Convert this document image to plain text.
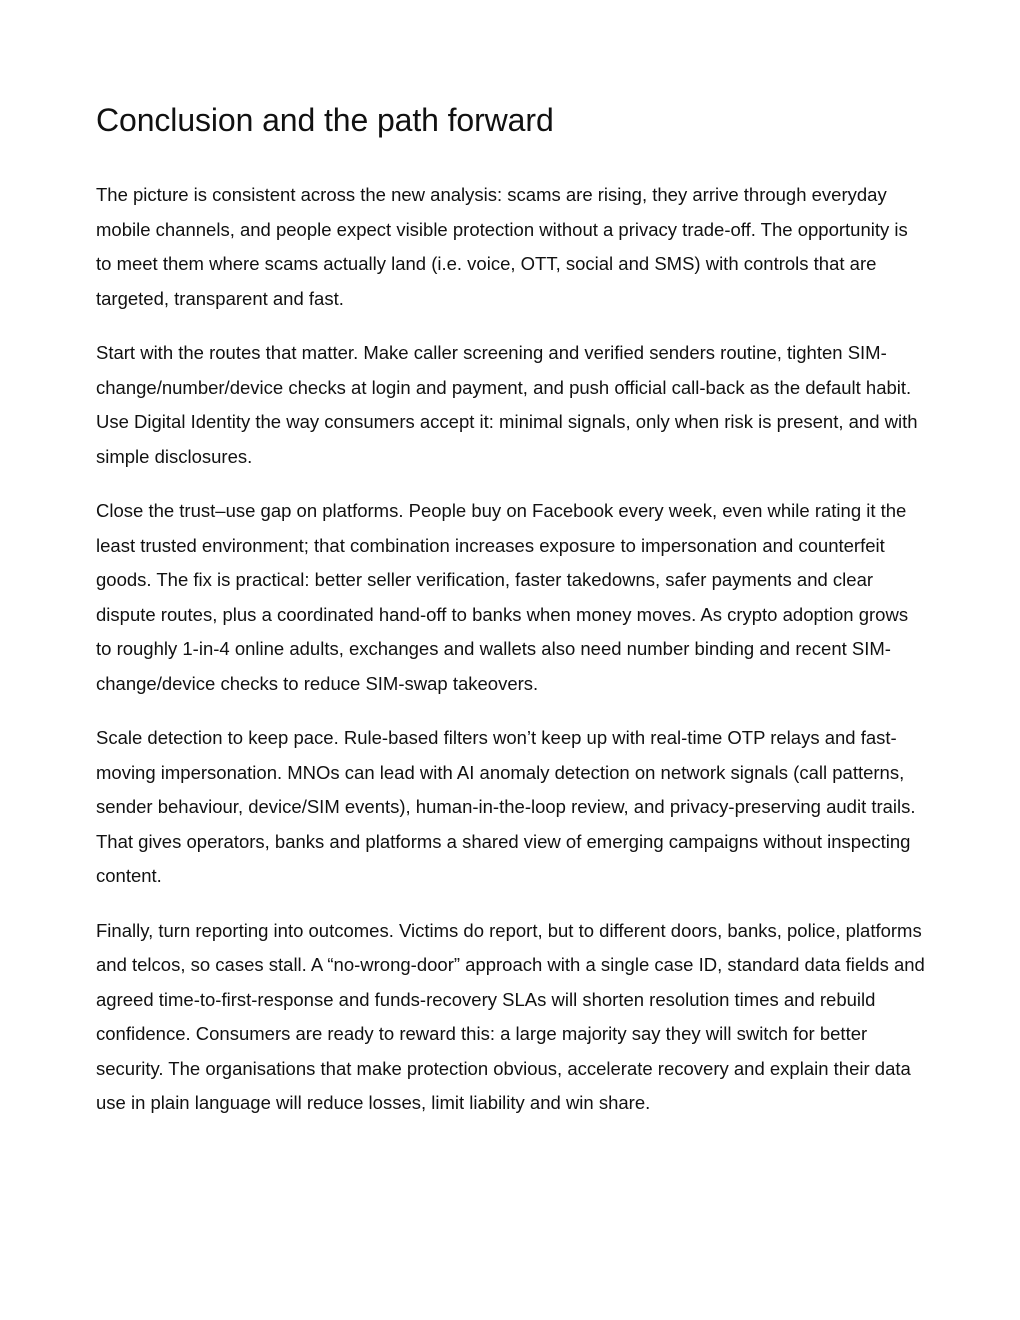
Conclusion and the path forward

The picture is consistent across the new analysis: scams are rising, they arrive through everyday mobile channels, and people expect visible protection without a privacy trade-off. The opportunity is to meet them where scams actually land (i.e. voice, OTT, social and SMS) with controls that are targeted, transparent and fast.

Start with the routes that matter. Make caller screening and verified senders routine, tighten SIM-change/number/device checks at login and payment, and push official call-back as the default habit. Use Digital Identity the way consumers accept it: minimal signals, only when risk is present, and with simple disclosures.

Close the trust–use gap on platforms. People buy on Facebook every week, even while rating it the least trusted environment; that combination increases exposure to impersonation and counterfeit goods. The fix is practical: better seller verification, faster takedowns, safer payments and clear dispute routes, plus a coordinated hand-off to banks when money moves. As crypto adoption grows to roughly 1-in-4 online adults, exchanges and wallets also need number binding and recent SIM-change/device checks to reduce SIM-swap takeovers.

Scale detection to keep pace. Rule-based filters won’t keep up with real-time OTP relays and fast-moving impersonation. MNOs can lead with AI anomaly detection on network signals (call patterns, sender behaviour, device/SIM events), human-in-the-loop review, and privacy-preserving audit trails. That gives operators, banks and platforms a shared view of emerging campaigns without inspecting content.

Finally, turn reporting into outcomes. Victims do report, but to different doors, banks, police, platforms and telcos, so cases stall. A “no-wrong-door” approach with a single case ID, standard data fields and agreed time-to-first-response and funds-recovery SLAs will shorten resolution times and rebuild confidence. Consumers are ready to reward this: a large majority say they will switch for better security. The organisations that make protection obvious, accelerate recovery and explain their data use in plain language will reduce losses, limit liability and win share.
